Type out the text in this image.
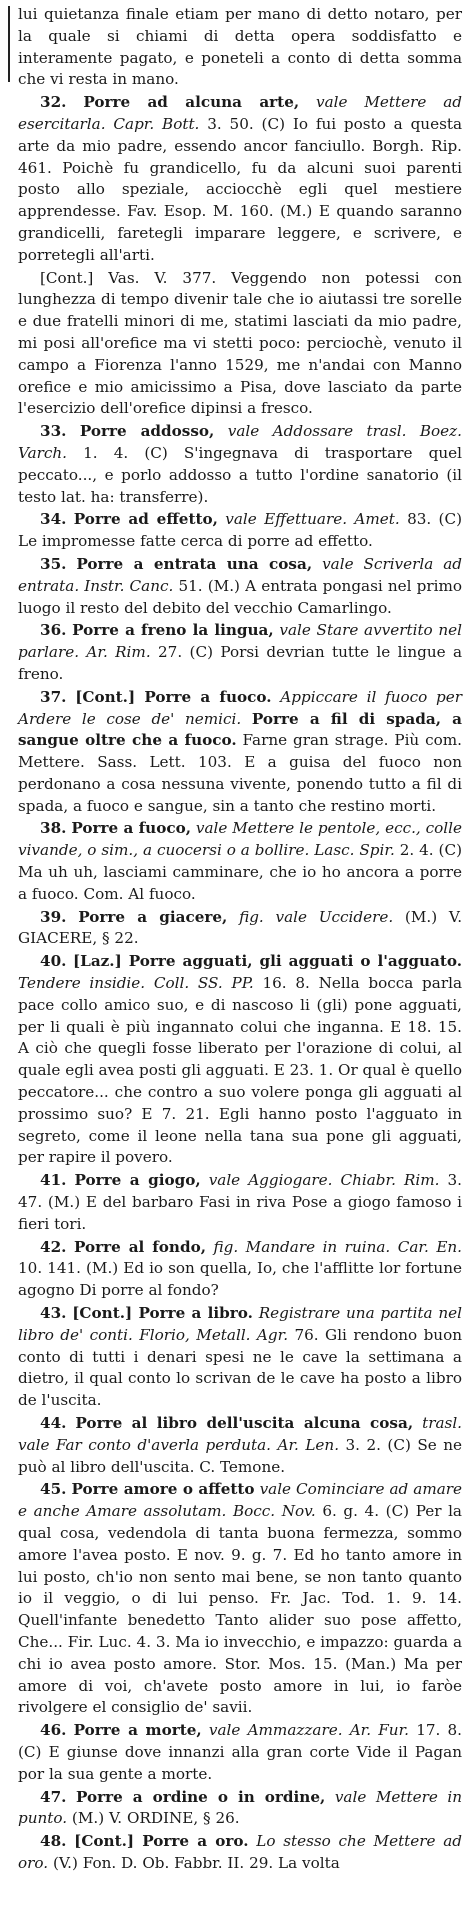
lui quietanza finale etiam per mano di detto notaro, per la quale si chiami di detta opera soddisfatto e interamente pagato, e poneteli a conto di detta somma che vi resta in mano.

32. Porre ad alcuna arte, vale Mettere ad esercitarla. Capr. Bott. 3. 50. (C) Io fui posto a questa arte da mio padre, essendo ancor fanciullo. Borgh. Rip. 461. Poichè fu grandicello, fu da alcuni suoi parenti posto allo speziale, acciocchè egli quel mestiere apprendesse. Fav. Esop. M. 160. (M.) E quando saranno grandicelli, faretegli imparare leggere, e scrivere, e porretegli all'arti.

[Cont.] Vas. V. 377. Veggendo non potessi con lunghezza di tempo divenir tale che io aiutassi tre sorelle e due fratelli minori di me, statimi lasciati da mio padre, mi posi all'orefice ma vi stetti poco: perciochè, venuto il campo a Fiorenza l'anno 1529, me n'andai con Manno orefice e mio amicissimo a Pisa, dove lasciato da parte l'esercizio dell'orefice dipinsi a fresco.

33. Porre addosso, vale Addossare trasl. Boez. Varch. 1. 4. (C) S'ingegnava di trasportare quel peccato..., e porlo addosso a tutto l'ordine sanatorio (il testo lat. ha: transferre).

34. Porre ad effetto, vale Effettuare. Amet. 83. (C) Le impromesse fatte cerca di porre ad effetto.

35. Porre a entrata una cosa, vale Scriverla ad entrata. Instr. Canc. 51. (M.) A entrata pongasi nel primo luogo il resto del debito del vecchio Camarlingo.

36. Porre a freno la lingua, vale Stare avvertito nel parlare. Ar. Rim. 27. (C) Porsi devrian tutte le lingue a freno.

37. [Cont.] Porre a fuoco. Appiccare il fuoco per Ardere le cose de' nemici. Porre a fil di spada, a sangue oltre che a fuoco. Farne gran strage. Più com. Mettere. Sass. Lett. 103. E a guisa del fuoco non perdonano a cosa nessuna vivente, ponendo tutto a fil di spada, a fuoco e sangue, sin a tanto che restino morti.

38. Porre a fuoco, vale Mettere le pentole, ecc., colle vivande, o sim., a cuocersi o a bollire. Lasc. Spir. 2. 4. (C) Ma uh uh, lasciami camminare, che io ho ancora a porre a fuoco. Com. Al fuoco.

39. Porre a giacere, fig. vale Uccidere. (M.) V. GIACERE, § 22.

40. [Laz.] Porre agguati, gli agguati o l'agguato. Tendere insidie. Coll. SS. PP. 16. 8. Nella bocca parla pace collo amico suo, e di nascoso li (gli) pone agguati, per li quali è più ingannato colui che inganna. E 18. 15. A ciò che quegli fosse liberato per l'orazione di colui, al quale egli avea posti gli agguati. E 23. 1. Or qual è quello peccatore... che contro a suo volere ponga gli agguati al prossimo suo? E 7. 21. Egli hanno posto l'agguato in segreto, come il leone nella tana sua pone gli agguati, per rapire il povero.

41. Porre a giogo, vale Aggiogare. Chiabr. Rim. 3. 47. (M.) E del barbaro Fasi in riva Pose a giogo famoso i fieri tori.

42. Porre al fondo, fig. Mandare in ruina. Car. En. 10. 141. (M.) Ed io son quella, Io, che l'afflitte lor fortune agogno Di porre al fondo?

43. [Cont.] Porre a libro. Registrare una partita nel libro de' conti. Florio, Metall. Agr. 76. Gli rendono buon conto di tutti i denari spesi ne le cave la settimana a dietro, il qual conto lo scrivan de le cave ha posto a libro de l'uscita.

44. Porre al libro dell'uscita alcuna cosa, trasl. vale Far conto d'averla perduta. Ar. Len. 3. 2. (C) Se ne può al libro dell'uscita. C. Temone.

45. Porre amore o affetto vale Cominciare ad amare e anche Amare assolutam. Bocc. Nov. 6. g. 4. (C) Per la qual cosa, vedendola di tanta buona fermezza, sommo amore l'avea posto. E nov. 9. g. 7. Ed ho tanto amore in lui posto, ch'io non sento mai bene, se non tanto quanto io il veggio, o di lui penso. Fr. Jac. Tod. 1. 9. 14. Quell'infante benedetto Tanto alider suo pose affetto, Che... Fir. Luc. 4. 3. Ma io invecchio, e impazzo: guarda a chi io avea posto amore. Stor. Mos. 15. (Man.) Ma per amore di voi, ch'avete posto amore in lui, io faròe rivolgere el consiglio de' savii.

46. Porre a morte, vale Ammazzare. Ar. Fur. 17. 8. (C) E giunse dove innanzi alla gran corte Vide il Pagan por la sua gente a morte.

47. Porre a ordine o in ordine, vale Mettere in punto. (M.) V. ORDINE, § 26.

48. [Cont.] Porre a oro. Lo stesso che Mettere ad oro. (V.) Fon. D. Ob. Fabbr. II. 29. La volta
